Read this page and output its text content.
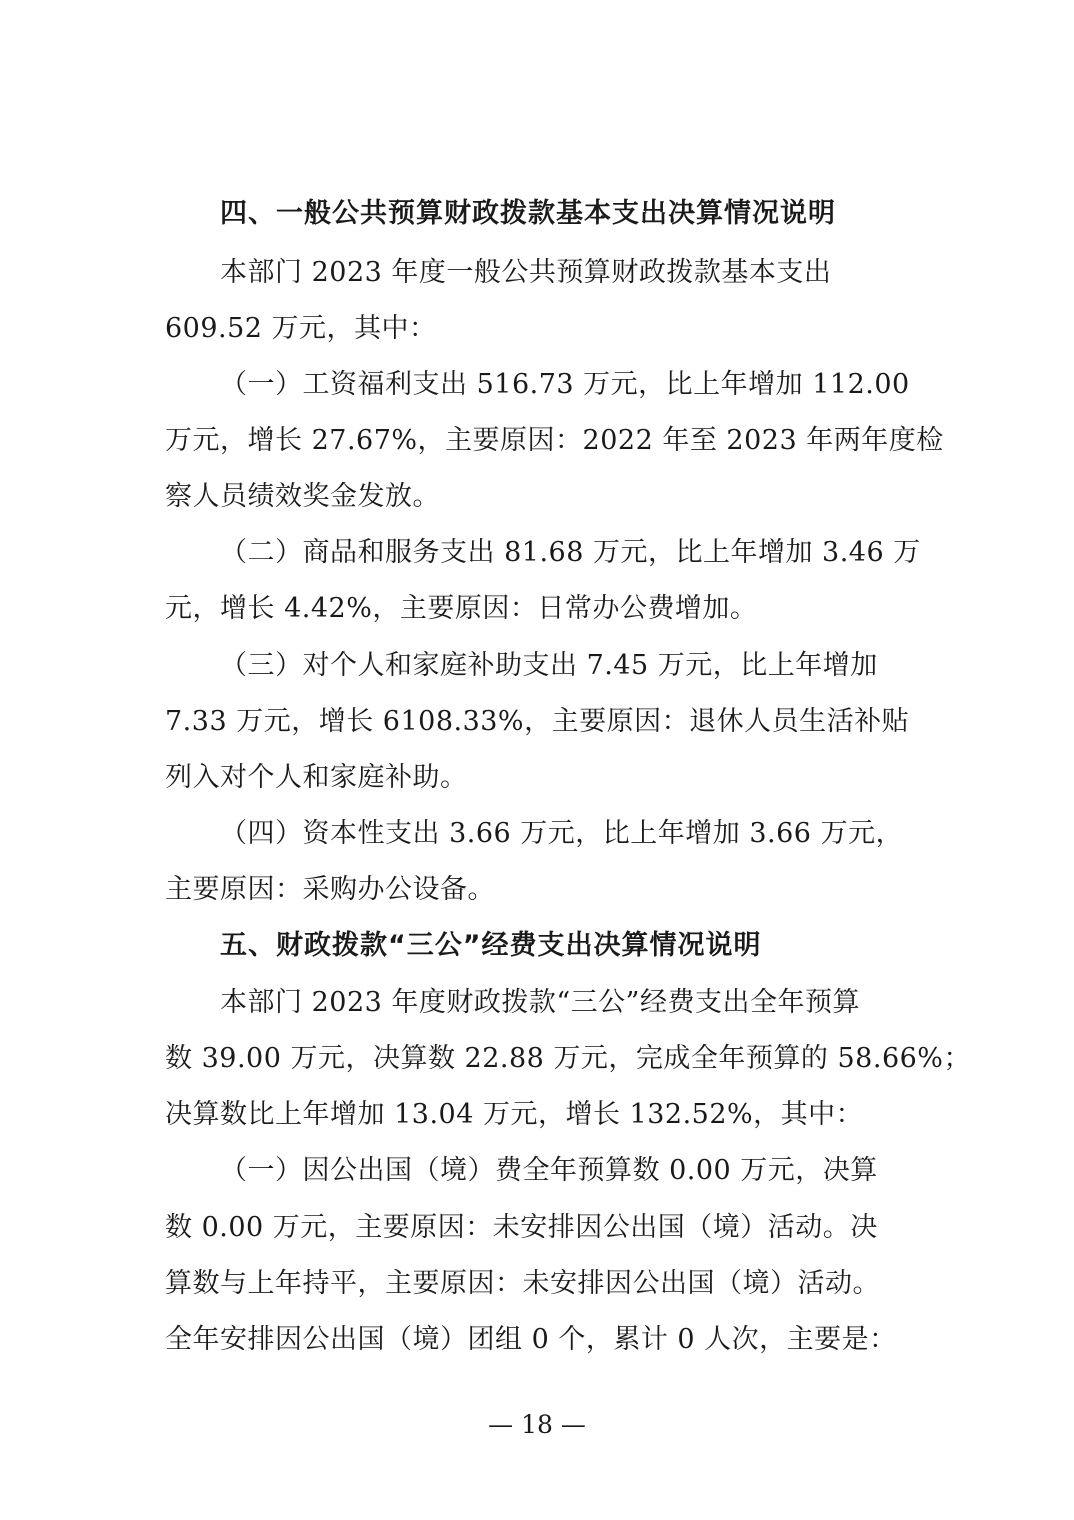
四、一般公共预算财政拨款基本支出决算情况说明
本部门 2023 年度一般公共预算财政拨款基本支出
609.52 万元，其中：
（一）工资福利支出 516.73 万元，比上年增加 112.00
万元，增长 27.67%，主要原因：2022 年至 2023 年两年度检
察人员绩效奖金发放。
（二）商品和服务支出 81.68 万元，比上年增加 3.46 万
元，增长 4.42%，主要原因：日常办公费增加。
（三）对个人和家庭补助支出 7.45 万元，比上年增加
7.33 万元，增长 6108.33%，主要原因：退休人员生活补贴
列入对个人和家庭补助。
（四）资本性支出 3.66 万元，比上年增加 3.66 万元，
主要原因：采购办公设备。
五、财政拨款“三公”经费支出决算情况说明
本部门 2023 年度财政拨款“三公”经费支出全年预算
数 39.00 万元，决算数 22.88 万元，完成全年预算的 58.66%；
决算数比上年增加 13.04 万元，增长 132.52%，其中：
（一）因公出国（境）费全年预算数 0.00 万元，决算
数 0.00 万元，主要原因：未安排因公出国（境）活动。决
算数与上年持平，主要原因：未安排因公出国（境）活动。
全年安排因公出国（境）团组 0 个，累计 0 人次，主要是：
— 18 —
